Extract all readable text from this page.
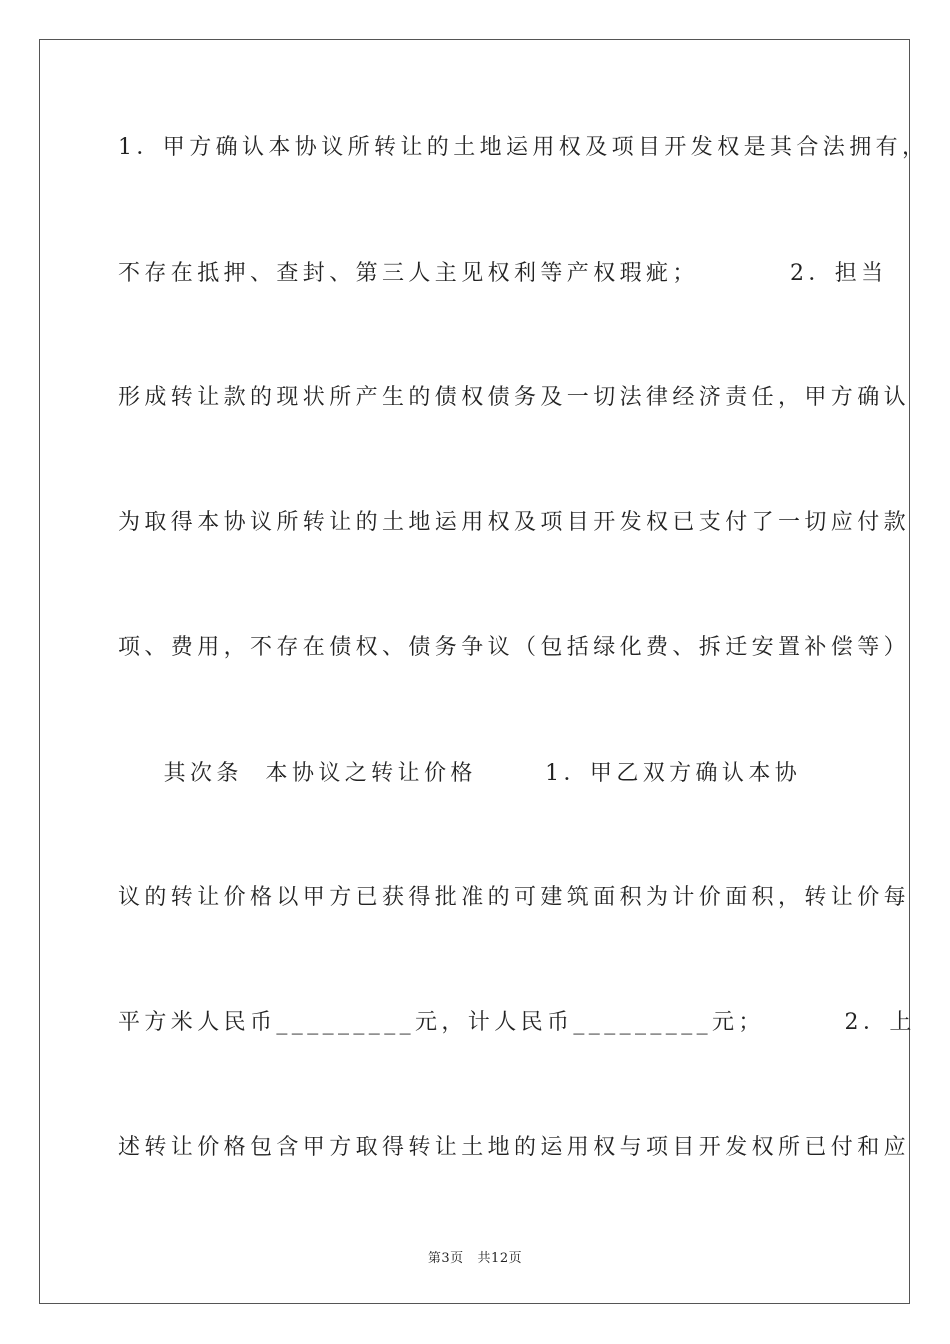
1．甲方确认本协议所转让的土地运用权及项目开发权是其合法拥有，
不存在抵押、查封、第三人主见权利等产权瑕疵；        2．担当
形成转让款的现状所产生的债权债务及一切法律经济责任，甲方确认
为取得本协议所转让的土地运用权及项目开发权已支付了一切应付款
项、费用，不存在债权、债务争议（包括绿化费、拆迁安置补偿等）
其次条  本协议之转让价格      1．甲乙双方确认本协
议的转让价格以甲方已获得批准的可建筑面积为计价面积，转让价每
平方米人民币_________元，计人民币_________元；       2．上
述转让价格包含甲方取得转让土地的运用权与项目开发权所已付和应
第3页   共12页
